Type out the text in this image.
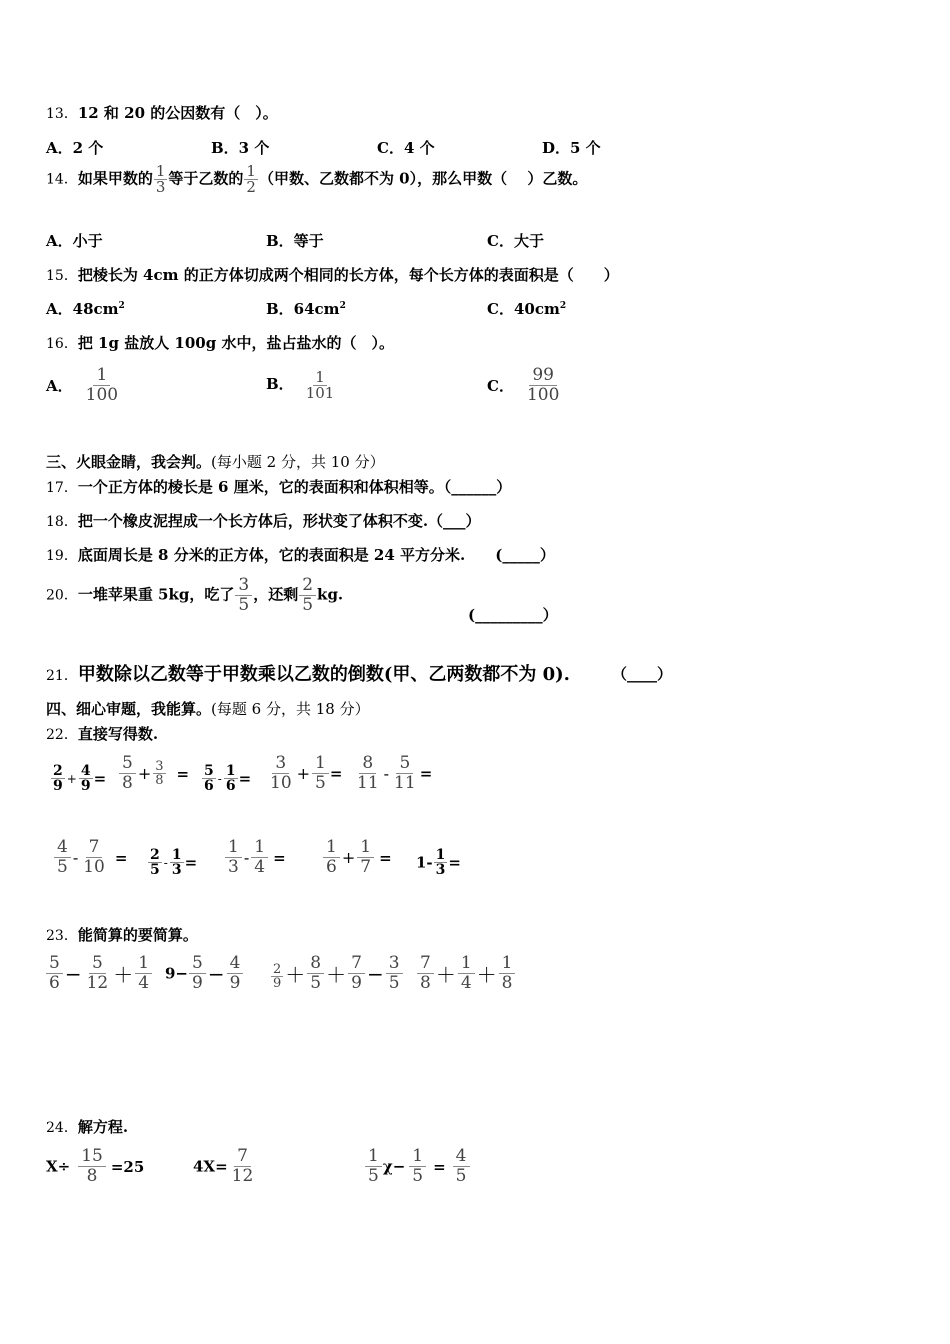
13．12 和 20 的公因数有（　）。
A．2 个	B．3 个	C．4 个	D．5 个
14．如果甲数的 $\frac{1}{3}$ 等于乙数的 $\frac{1}{2}$ （甲数、乙数都不为 0），那么甲数（　 ）乙数。
A．小于	B．等于	C．大于
15．把棱长为 4cm 的正方体切成两个相同的长方体，每个长方体的表面积是（　　）
A．$48cm^2$	B．$64cm^2$	C．$40cm^2$
16．把 1g 盐放人 100g 水中，盐占盐水的（　）。
A． $\frac{1}{100}$	B． $\frac{1}{101}$	C． $\frac{99}{100}$
三、火眼金睛，我会判。(每小题 2 分，共 10 分）
17．一个正方体的棱长是 6 厘米，它的表面积和体积相等。（______）
18．把一个橡皮泥捏成一个长方体后，形状变了体积不变.（___）
19．底面周长是 8 分米的正方体，它的表面积是 24 平方分米.　　(_____）
20．一堆苹果重 5kg，吃了 $\frac{3}{5}$ ，还剩 $\frac{2}{5}$ kg.
(_________）
21．甲数除以乙数等于甲数乘以乙数的倒数(甲、乙两数都不为 0).	（____）
四、细心审题，我能算。(每题 6 分，共 18 分）
22．直接写得数.
$\frac{2}{9} + \frac{4}{9} = \frac{5}{8} + \frac{3}{8} = \frac{5}{6} - \frac{1}{6} = \frac{3}{10} + \frac{1}{5} = \frac{8}{11} - \frac{5}{11}$ =
$\frac{4}{5} - \frac{7}{10} = \frac{2}{5} - \frac{1}{3} = \frac{1}{3} - \frac{1}{4} = \frac{1}{6} + \frac{1}{7} = 1- \frac{1}{3}$ =
23．能简算的要简算。
$\frac{5}{6} - \frac{5}{12} + \frac{1}{4} 9- \frac{5}{9} - \frac{4}{9} \frac{2}{9} + \frac{8}{5} + \frac{7}{9} - \frac{3}{5} \frac{7}{8} + \frac{1}{4} + \frac{1}{8}$
24．解方程.
$X\div \frac{15}{8} =25$	$4X= \frac{7}{12}$	$\frac{1}{5} \chi- \frac{1}{5} = \frac{4}{5}$
